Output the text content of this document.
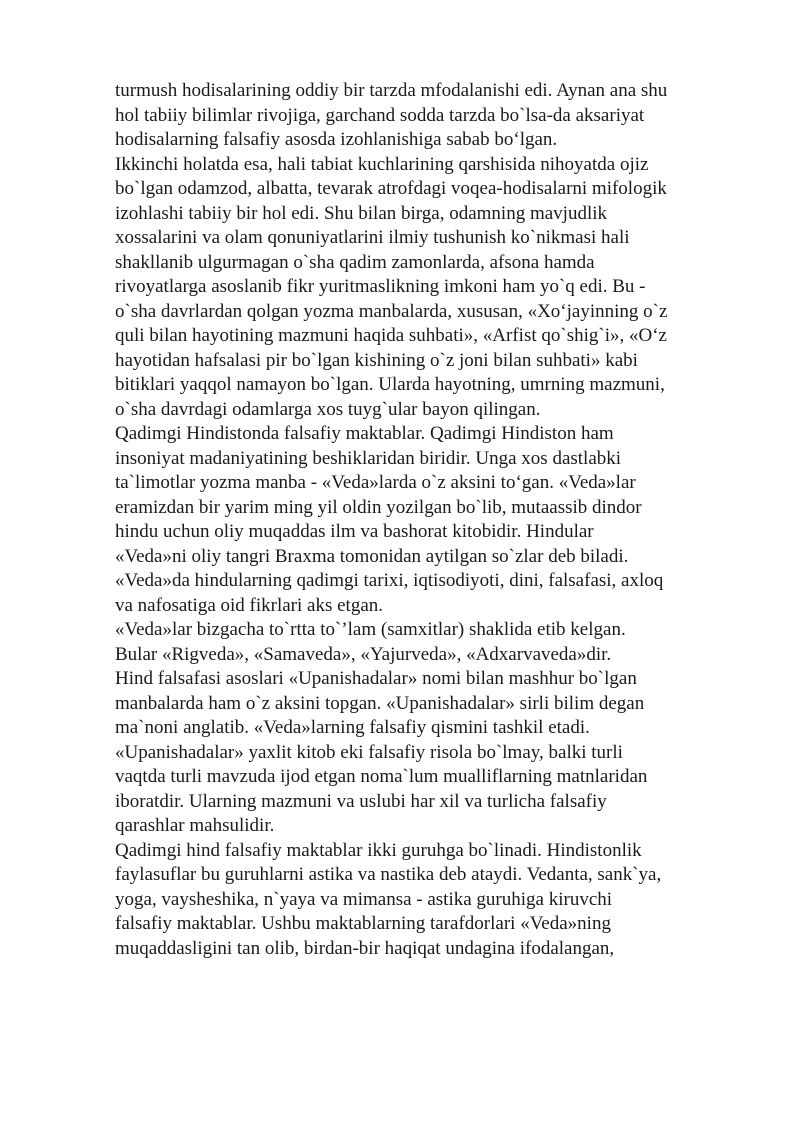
turmush hodisalarining oddiy bir tarzda mfodalanishi edi. Aynan ana shu
hol tabiiy bilimlar rivojiga, garchand sodda tarzda bo`lsa-da aksariyat
hodisalarning falsafiy asosda izohlanishiga sabab bo‘lgan.
Ikkinchi holatda esa, hali tabiat kuchlarining qarshisida nihoyatda ojiz
bo`lgan odamzod, albatta, tevarak atrofdagi voqea-hodisalarni mifologik
izohlashi tabiiy bir hol edi. Shu bilan birga, odamning mavjudlik
xossalarini va olam qonuniyatlarini ilmiy tushunish ko`nikmasi hali
shakllanib ulgurmagan o`sha qadim zamonlarda, afsona hamda
rivoyatlarga asoslanib fikr yuritmaslikning imkoni ham yo`q edi. Bu -
o`sha davrlardan qolgan yozma manbalarda, xususan, «Xo‘jayinning o`z
quli bilan hayotining mazmuni haqida suhbati», «Arfist qo`shig`i», «O‘z
hayotidan hafsalasi pir bo`lgan kishining o`z joni bilan suhbati» kabi
bitiklari yaqqol namayon bo`lgan. Ularda hayotning, umrning mazmuni,
o`sha davrdagi odamlarga xos tuyg`ular bayon qilingan.
Qadimgi Hindistonda falsafiy maktablar. Qadimgi Hindiston ham
insoniyat madaniyatining beshiklaridan biridir. Unga xos dastlabki
ta`limotlar yozma manba - «Veda»larda o`z aksini to‘gan. «Veda»lar
eramizdan bir yarim ming yil oldin yozilgan bo`lib, mutaassib dindor
hindu uchun oliy muqaddas ilm va bashorat kitobidir. Hindular
«Veda»ni oliy tangri Braxma tomonidan aytilgan so`zlar deb biladi.
«Veda»da hindularning qadimgi tarixi, iqtisodiyoti, dini, falsafasi, axloq
va nafosatiga oid fikrlari aks etgan.
«Veda»lar bizgacha to`rtta to`’lam (samxitlar) shaklida etib kelgan.
Bular «Rigveda», «Samaveda», «Yajurveda», «Adxarvaveda»dir.
Hind falsafasi asoslari «Upanishadalar» nomi bilan mashhur bo`lgan
manbalarda ham o`z aksini topgan. «Upanishadalar» sirli bilim degan
ma`noni anglatib. «Veda»larning falsafiy qismini tashkil etadi.
«Upanishadalar» yaxlit kitob eki falsafiy risola bo`lmay, balki turli
vaqtda turli mavzuda ijod etgan noma`lum mualliflarning matnlaridan
iboratdir. Ularning mazmuni va uslubi har xil va turlicha falsafiy
qarashlar mahsulidir.
Qadimgi hind falsafiy maktablar ikki guruhga bo`linadi. Hindistonlik
faylasuflar bu guruhlarni astika va nastika deb ataydi. Vedanta, sank`ya,
yoga, vaysheshika, n`yaya va mimansa - astika guruhiga kiruvchi
falsafiy maktablar. Ushbu maktablarning tarafdorlari «Veda»ning
muqaddasligini tan olib, birdan-bir haqiqat undagina ifodalangan,
